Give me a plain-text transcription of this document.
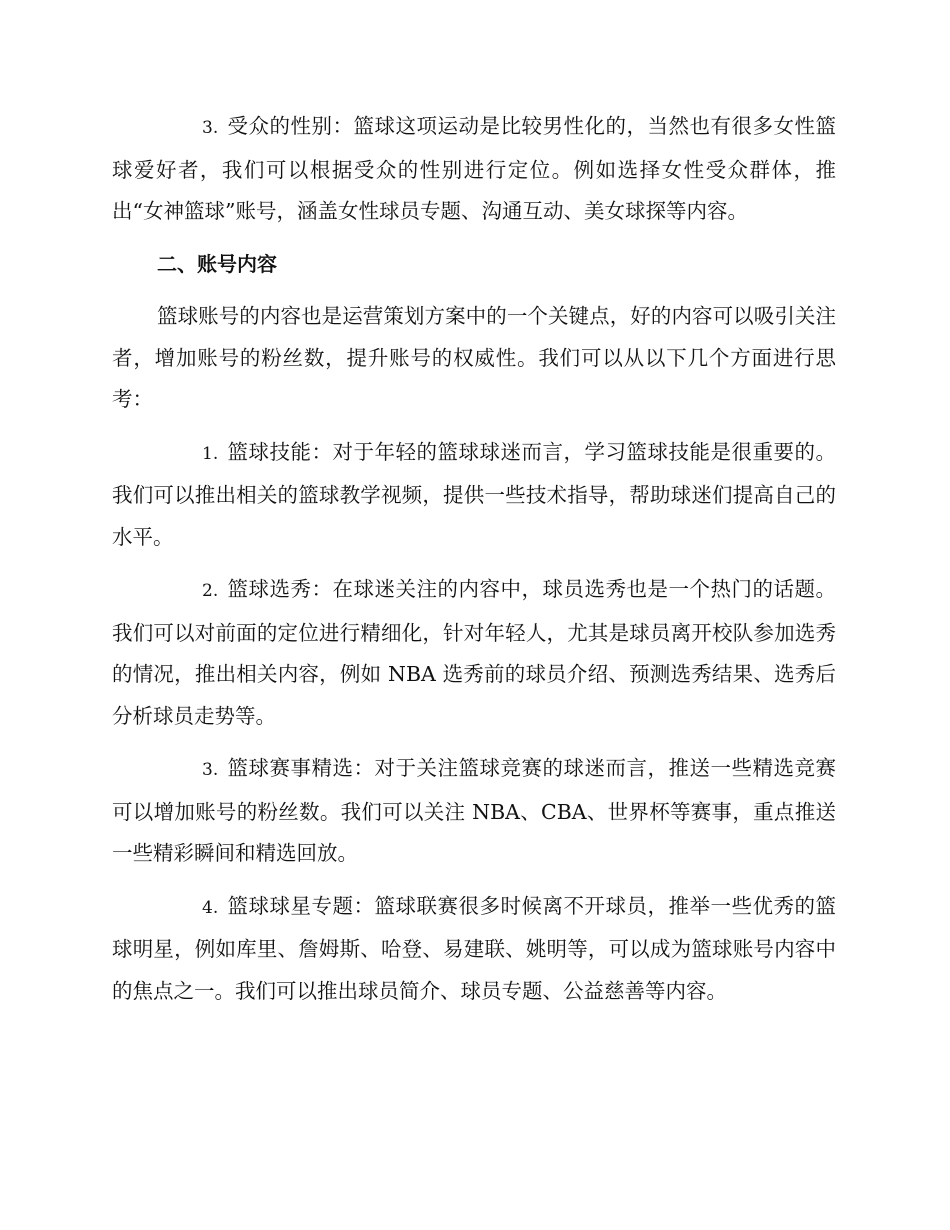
3. 受众的性别：篮球这项运动是比较男性化的，当然也有很多女性篮球爱好者，我们可以根据受众的性别进行定位。例如选择女性受众群体，推出“女神篮球”账号，涵盖女性球员专题、沟通互动、美女球探等内容。

二、账号内容

篮球账号的内容也是运营策划方案中的一个关键点，好的内容可以吸引关注者，增加账号的粉丝数，提升账号的权威性。我们可以从以下几个方面进行思考：

1. 篮球技能：对于年轻的篮球球迷而言，学习篮球技能是很重要的。我们可以推出相关的篮球教学视频，提供一些技术指导，帮助球迷们提高自己的水平。

2. 篮球选秀：在球迷关注的内容中，球员选秀也是一个热门的话题。我们可以对前面的定位进行精细化，针对年轻人，尤其是球员离开校队参加选秀的情况，推出相关内容，例如 NBA 选秀前的球员介绍、预测选秀结果、选秀后分析球员走势等。

3. 篮球赛事精选：对于关注篮球竞赛的球迷而言，推送一些精选竞赛可以增加账号的粉丝数。我们可以关注 NBA、CBA、世界杯等赛事，重点推送一些精彩瞬间和精选回放。

4. 篮球球星专题：篮球联赛很多时候离不开球员，推举一些优秀的篮球明星，例如库里、詹姆斯、哈登、易建联、姚明等，可以成为篮球账号内容中的焦点之一。我们可以推出球员简介、球员专题、公益慈善等内容。
